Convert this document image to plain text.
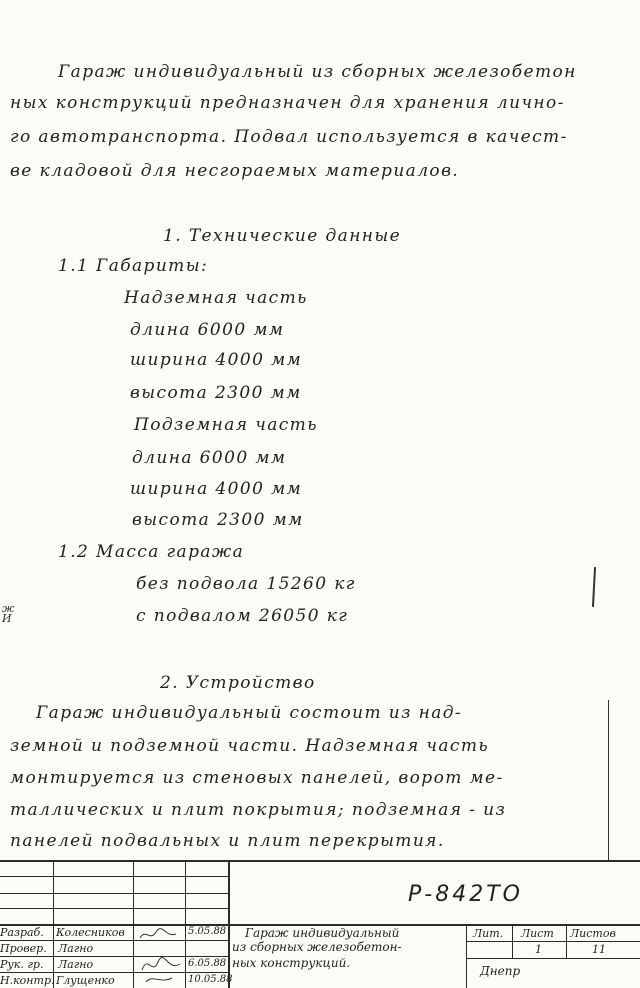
Гараж индивидуальный из сборных железобетон
ных конструкций предназначен для хранения лично-
го автотранспорта. Подвал используется в качест-
ве кладовой для несгораемых материалов.
1. Технические данные
1.1 Габариты:
Надземная часть
длина 6000 мм
ширина 4000 мм
высота 2300 мм
Подземная часть
длина 6000 мм
ширина 4000 мм
высота 2300 мм
1.2 Масса гаража
без подвола 15260 кг
с подвалом 26050 кг
ж
И
2. Устройство
Гараж индивидуальный состоит из над-
земной и подземной части. Надземная часть
монтируется из стеновых панелей, ворот ме-
таллических и плит покрытия; подземная - из
панелей подвальных и плит перекрытия.
Р-842ТО
Гараж индивидуальный
из сборных железобетон-
ных конструкций.
Лит. Лист Листов
1	11
Днепр
Разраб.
Провер.
Рук. гр.
Н.контр.
Колесников
Лагно
Лагно
Глущенко
5.05.88
6.05.88
10.05.88
